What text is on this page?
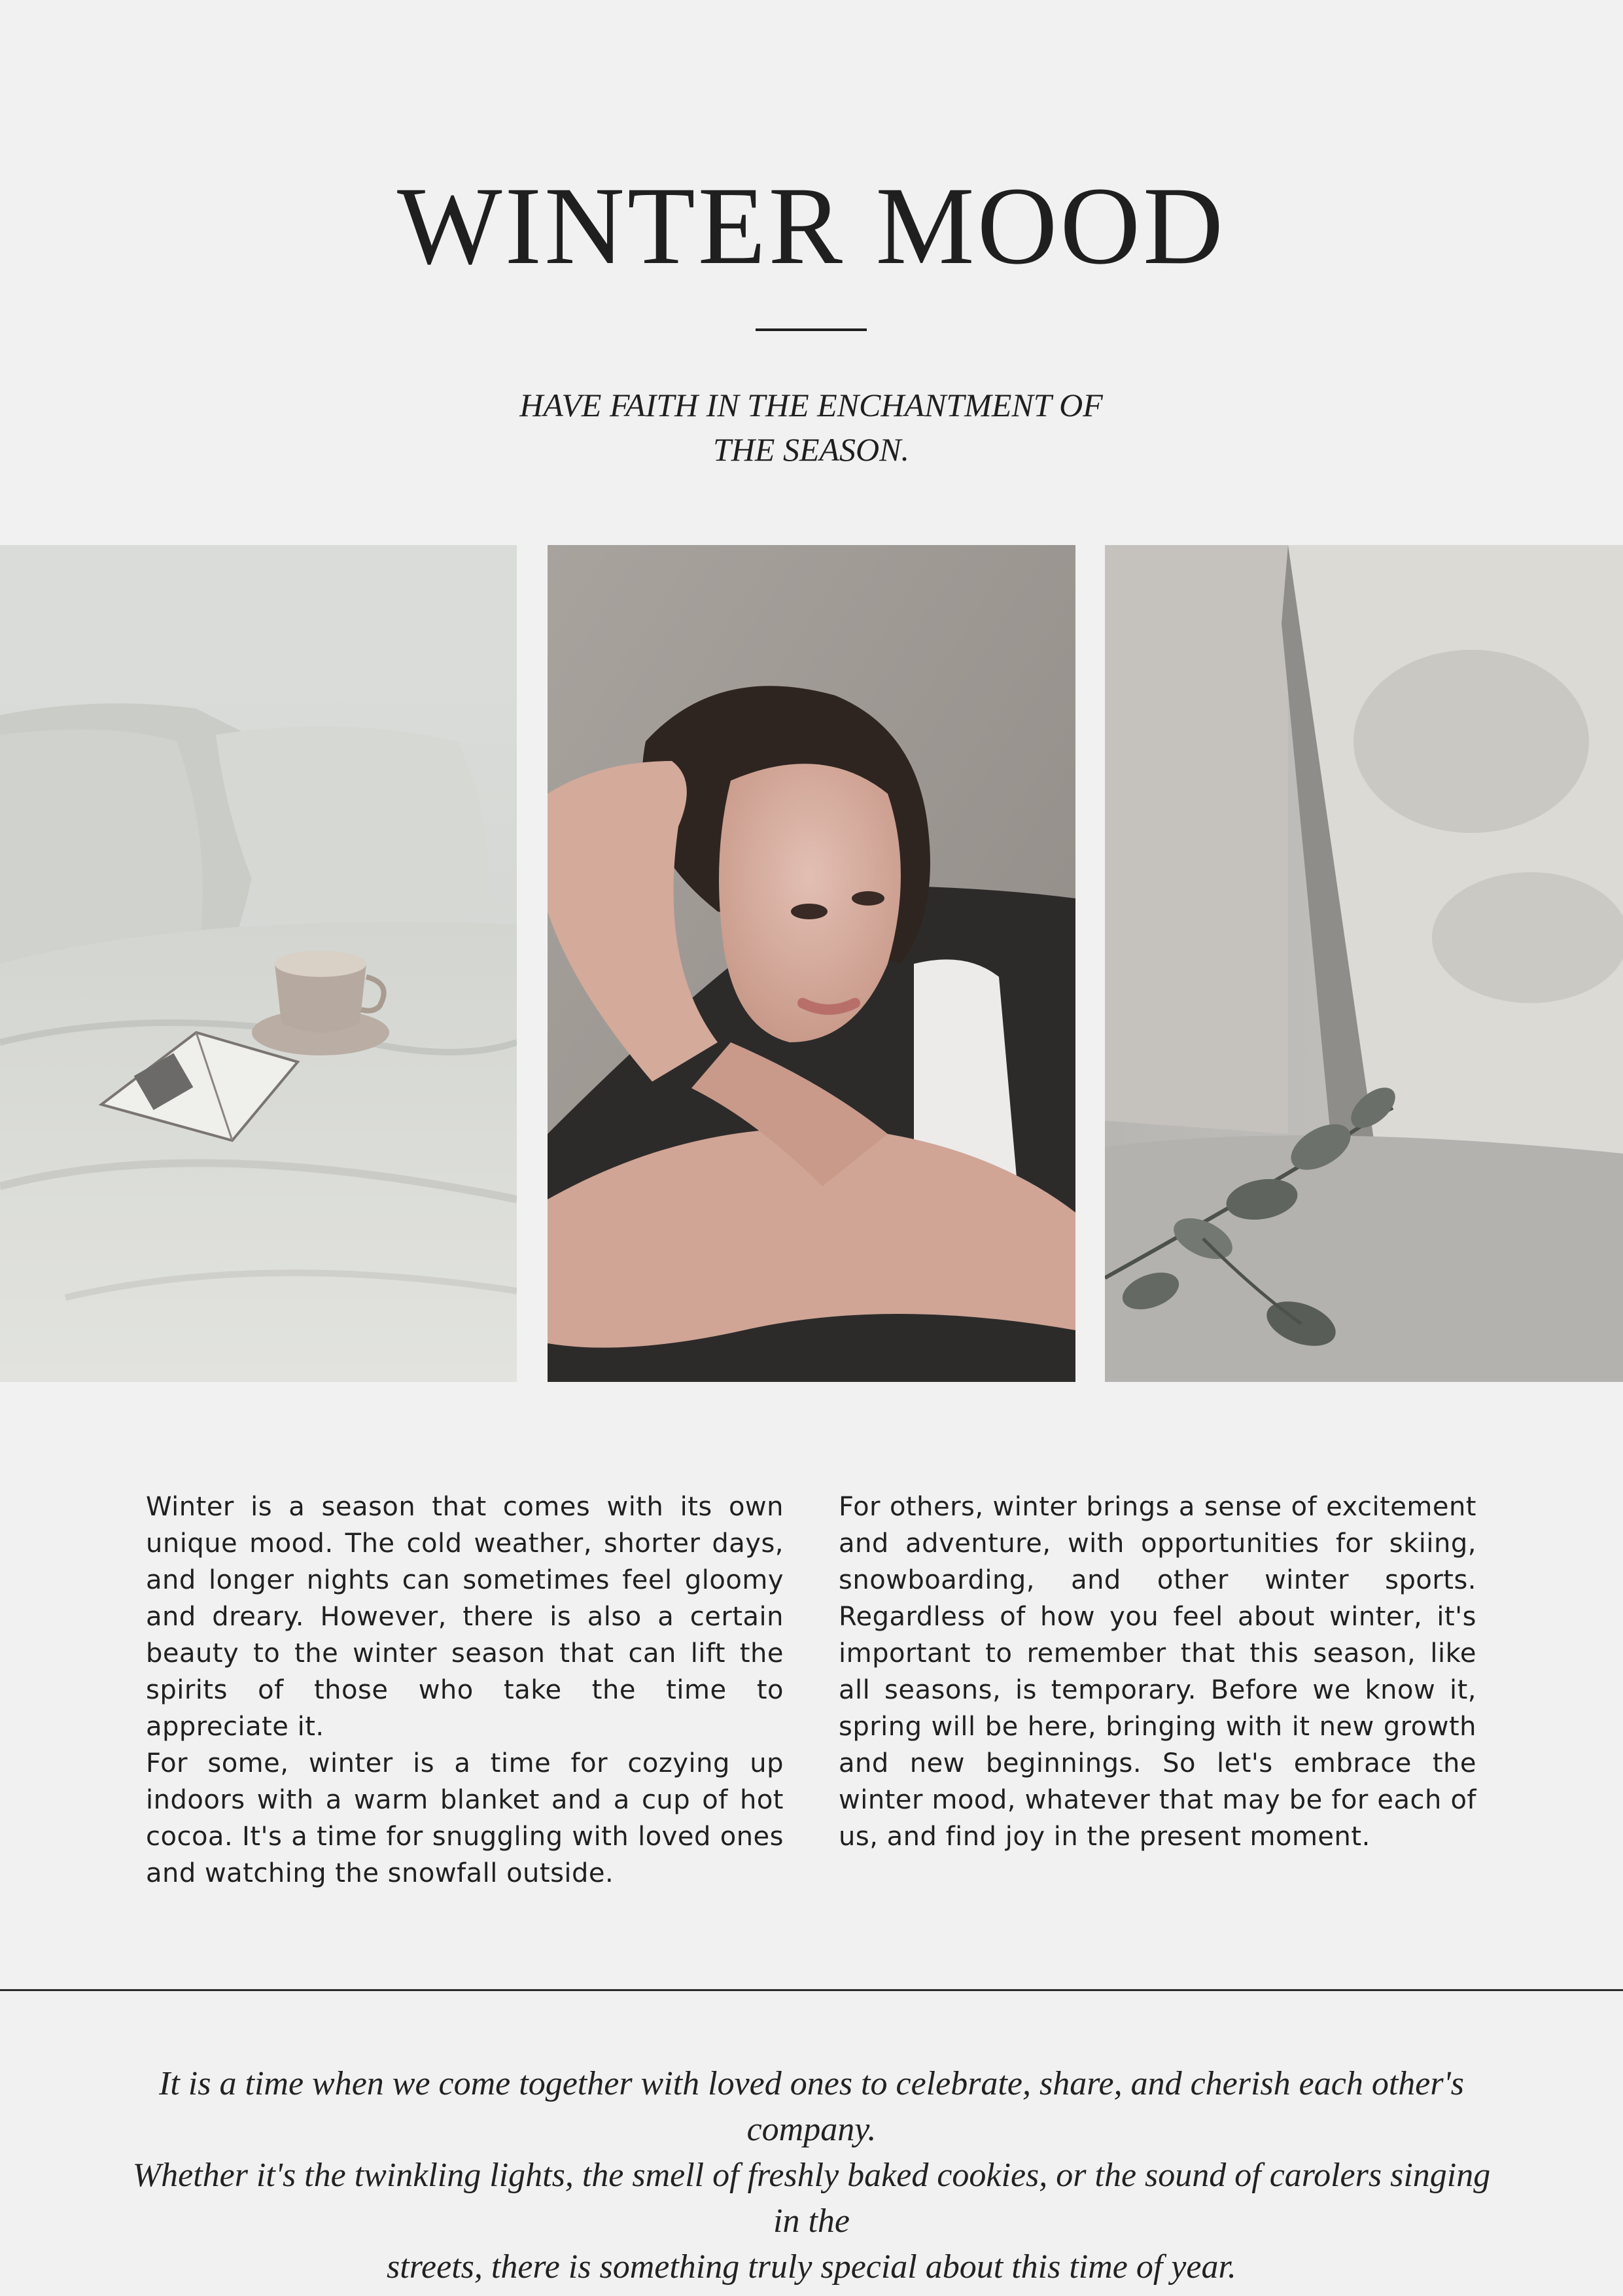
WINTER MOOD

HAVE FAITH IN THE ENCHANTMENT OF
THE SEASON.

Winter is a season that comes with its own unique mood. The cold weather, shorter days, and longer nights can sometimes feel gloomy and dreary. However, there is also a certain beauty to the winter season that can lift the spirits of those who take the time to appreciate it.

For some, winter is a time for cozying up indoors with a warm blanket and a cup of hot cocoa. It's a time for snuggling with loved ones and watching the snowfall outside.

For others, winter brings a sense of excitement and adventure, with opportunities for skiing, snowboarding, and other winter sports. Regardless of how you feel about winter, it's important to remember that this season, like all seasons, is temporary. Before we know it, spring will be here, bringing with it new growth and new beginnings. So let's embrace the winter mood, whatever that may be for each of us, and find joy in the present moment.

It is a time when we come together with loved ones to celebrate, share, and cherish each other's company.
Whether it's the twinkling lights, the smell of freshly baked cookies, or the sound of carolers singing in the
streets, there is something truly special about this time of year.
